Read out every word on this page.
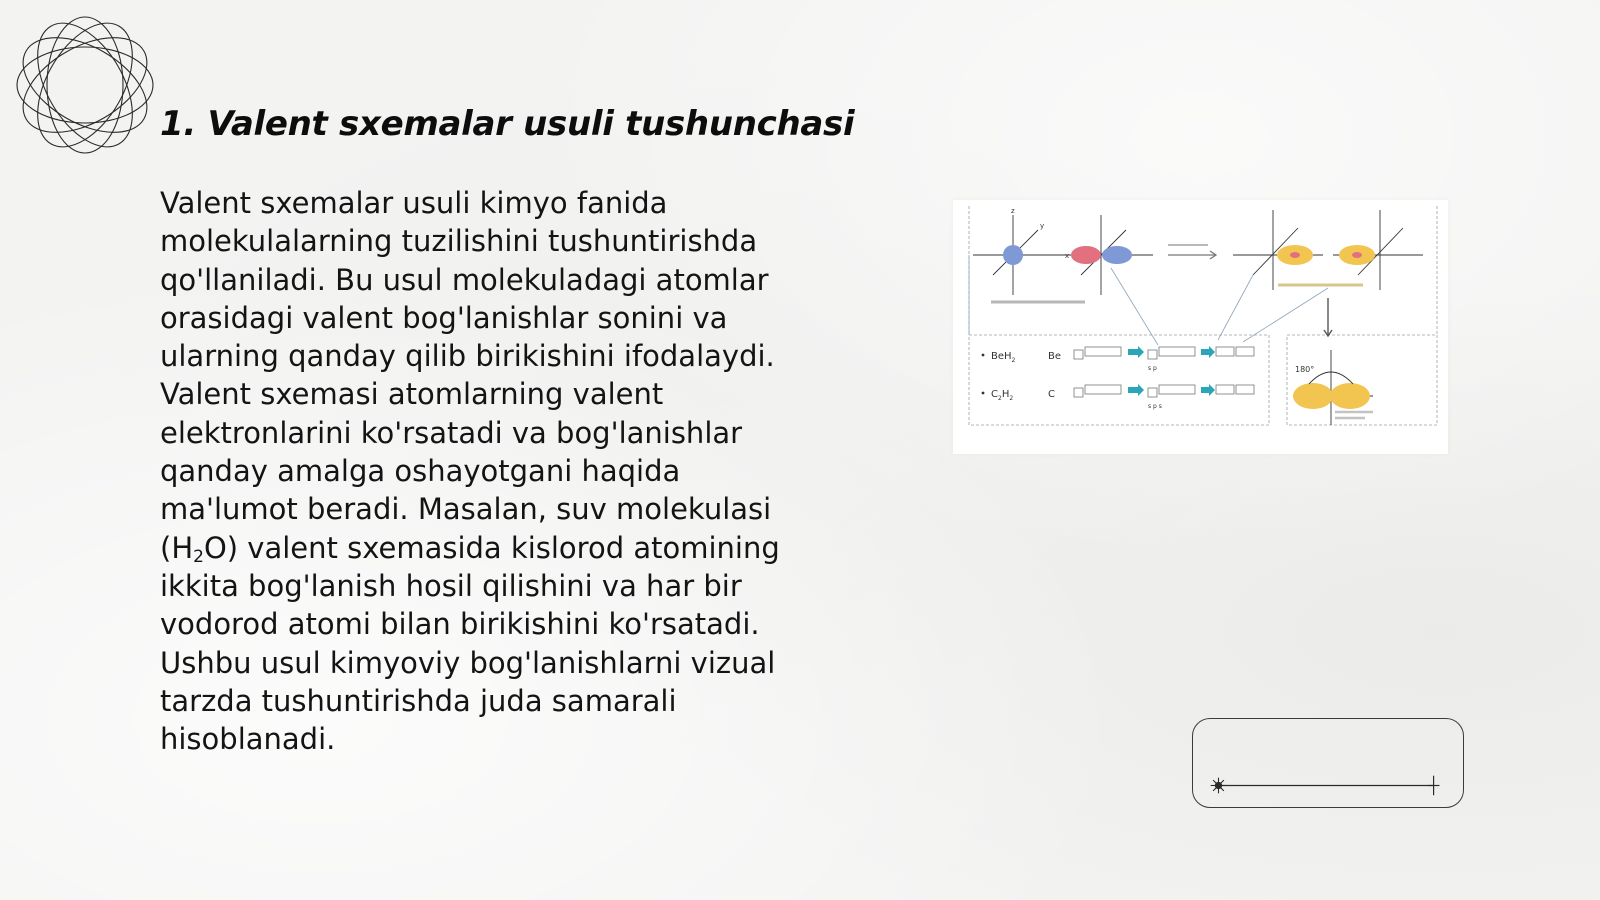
1. Valent sxemalar usuli tushunchasi

Valent sxemalar usuli kimyo fanida molekulalarning tuzilishini tushuntirishda qo'llaniladi. Bu usul molekuladagi atomlar orasidagi valent bog'lanishlar sonini va ularning qanday qilib birikishini ifodalaydi. Valent sxemasi atomlarning valent elektronlarini ko'rsatadi va bog'lanishlar qanday amalga oshayotgani haqida ma'lumot beradi. Masalan, suv molekulasi $(H_2O)$ valent sxemasida kislorod atomining ikkita bog'lanish hosil qilishini va har bir vodorod atomi bilan birikishini ko'rsatadi. Ushbu usul kimyoviy bog'lanishlarni vizual tarzda tushuntirishda juda samarali hisoblanadi.

x
z
y
BeH$_2$	Be
s p
$C_2H_2$	C
s p s
180°
